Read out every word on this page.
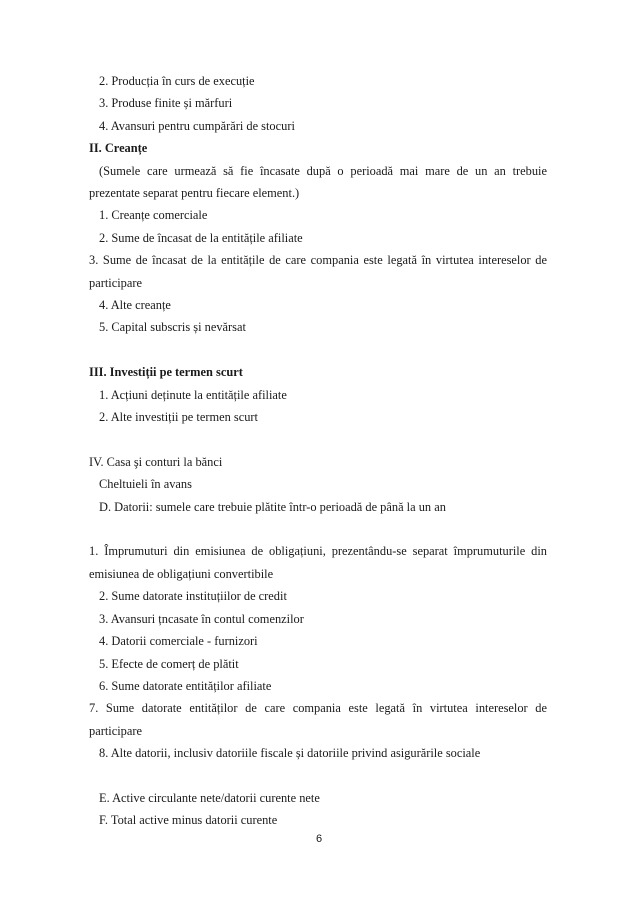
2. Producția în curs de execuție
3. Produse finite și mărfuri
4. Avansuri pentru cumpărări de stocuri
II. Creanțe
(Sumele care urmează să fie încasate după o perioadă mai mare de un an trebuie
prezentate separat pentru fiecare element.)
1. Creanțe comerciale
2. Sume de încasat de la entitățile afiliate
3. Sume de încasat de la entitățile de care compania este legată în virtutea intereselor de
participare
4. Alte creanțe
5. Capital subscris și nevărsat
III. Investiții pe termen scurt
1. Acțiuni deținute la entitățile afiliate
2. Alte investiții pe termen scurt
IV. Casa şi conturi la bănci
Cheltuieli în avans
D. Datorii: sumele care trebuie plătite într-o perioadă de până la un an
1. Împrumuturi din emisiunea de obligațiuni, prezentându-se separat împrumuturile din
emisiunea de obligațiuni convertibile
2. Sume datorate instituțiilor de credit
3. Avansuri țncasate în contul comenzilor
4. Datorii comerciale - furnizori
5. Efecte de comerț de plătit
6. Sume datorate entităților afiliate
7. Sume datorate entităților de care compania este legată în virtutea intereselor de
participare
8. Alte datorii, inclusiv datoriile fiscale și datoriile privind asigurările sociale
E. Active circulante nete/datorii curente nete
F. Total active minus datorii curente
6
